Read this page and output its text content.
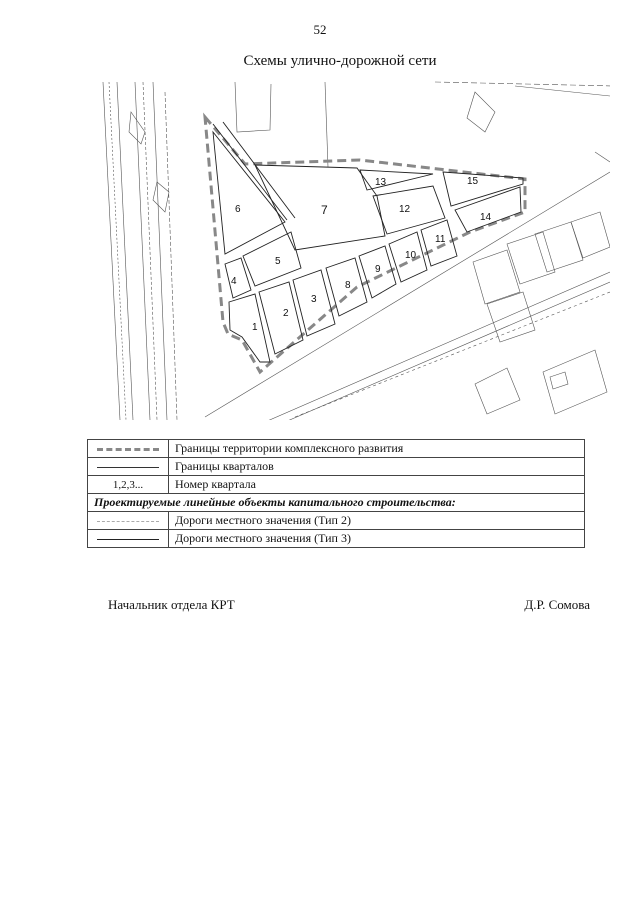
52
Схемы улично-дорожной сети
1
2
3
4
5
6	7
8
9
10
11
12
13
14
15
	Границы территории комплексного развития
	Границы кварталов
1,2,3...	Номер квартала
Проектируемые линейные объекты капитального строительства:	
	Дороги местного значения (Тип 2)
	Дороги местного значения (Тип 3)
Начальник отдела КРТ	Д.Р. Сомова
